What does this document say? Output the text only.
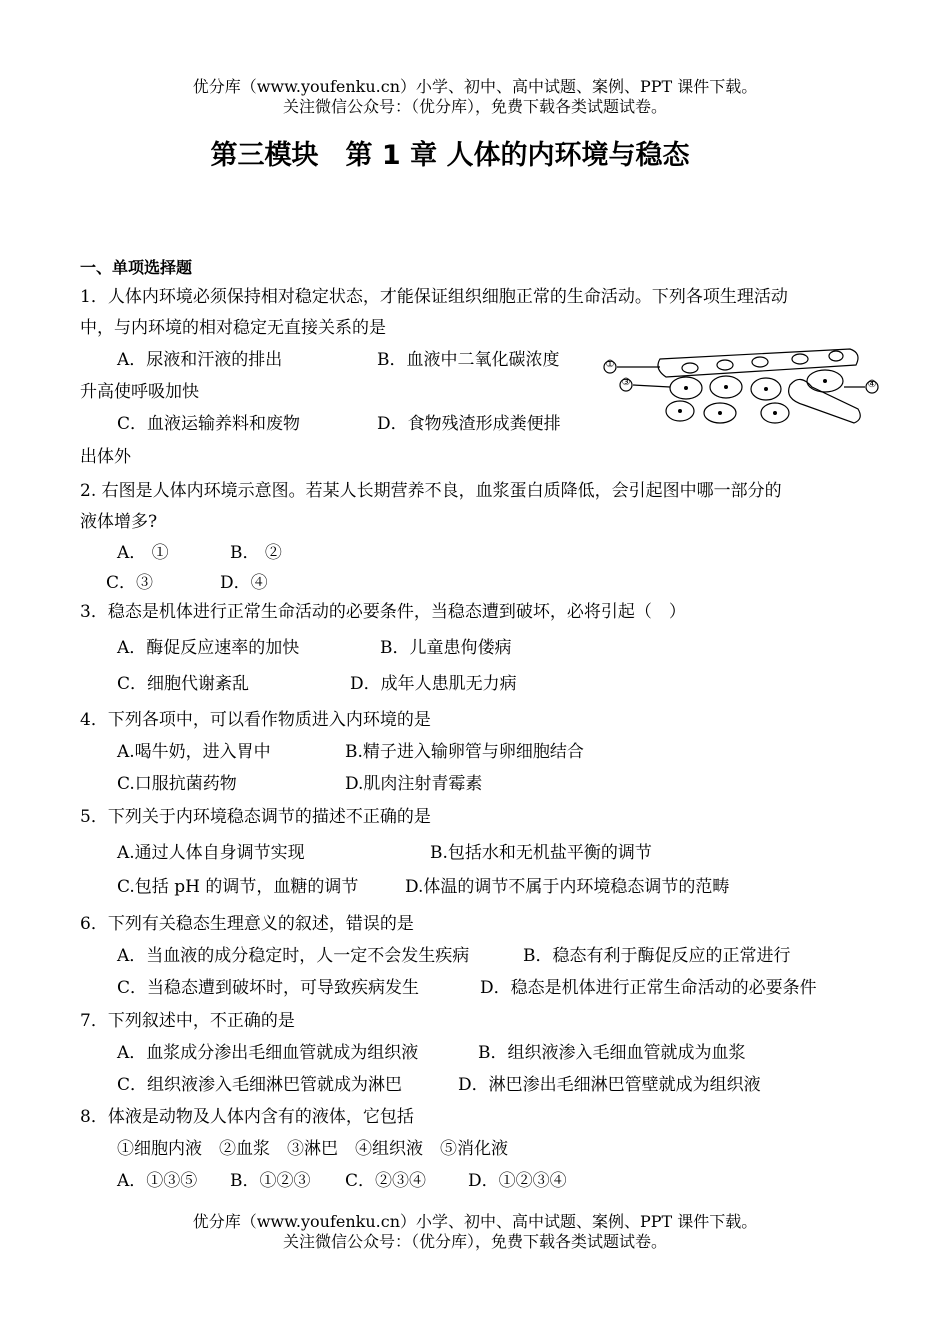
优分库（www.youfenku.cn）小学、初中、高中试题、案例、PPT 课件下载。
关注微信公众号：（优分库），免费下载各类试题试卷。
第三模块　第 1 章 人体的内环境与稳态
一、单项选择题
1．人体内环境必须保持相对稳定状态，才能保证组织细胞正常的生命活动。下列各项生理活动
中，与内环境的相对稳定无直接关系的是
A．尿液和汗液的排出	B．血液中二氧化碳浓度
升高使呼吸加快
C．血液运输养料和废物	D．食物残渣形成粪便排
出体外
2. 右图是人体内环境示意图。若某人长期营养不良，血浆蛋白质降低，会引起图中哪一部分的
液体增多?
A． ①	B． ②
C．③	D．④
3．稳态是机体进行正常生命活动的必要条件，当稳态遭到破坏，必将引起（　）
A．酶促反应速率的加快	B．儿童患佝偻病
C．细胞代谢紊乱	D．成年人患肌无力病
4．下列各项中，可以看作物质进入内环境的是
A.喝牛奶，进入胃中	B.精子进入输卵管与卵细胞结合
C.口服抗菌药物	D.肌肉注射青霉素
5．下列关于内环境稳态调节的描述不正确的是
A.通过人体自身调节实现	B.包括水和无机盐平衡的调节
C.包括 pH 的调节，血糖的调节	D.体温的调节不属于内环境稳态调节的范畴
6．下列有关稳态生理意义的叙述，错误的是
A．当血液的成分稳定时，人一定不会发生疾病	B．稳态有利于酶促反应的正常进行
C．当稳态遭到破坏时，可导致疾病发生	D．稳态是机体进行正常生命活动的必要条件
7．下列叙述中，不正确的是
A．血浆成分渗出毛细血管就成为组织液	B．组织液渗入毛细血管就成为血浆
C．组织液渗入毛细淋巴管就成为淋巴	D．淋巴渗出毛细淋巴管壁就成为组织液
8．体液是动物及人体内含有的液体，它包括
①细胞内液　②血浆　③淋巴　④组织液　⑤消化液
A．①③⑤ B．①②③ C．②③④ D．①②③④
优分库（www.youfenku.cn）小学、初中、高中试题、案例、PPT 课件下载。
关注微信公众号：（优分库），免费下载各类试题试卷。
①
③	④
